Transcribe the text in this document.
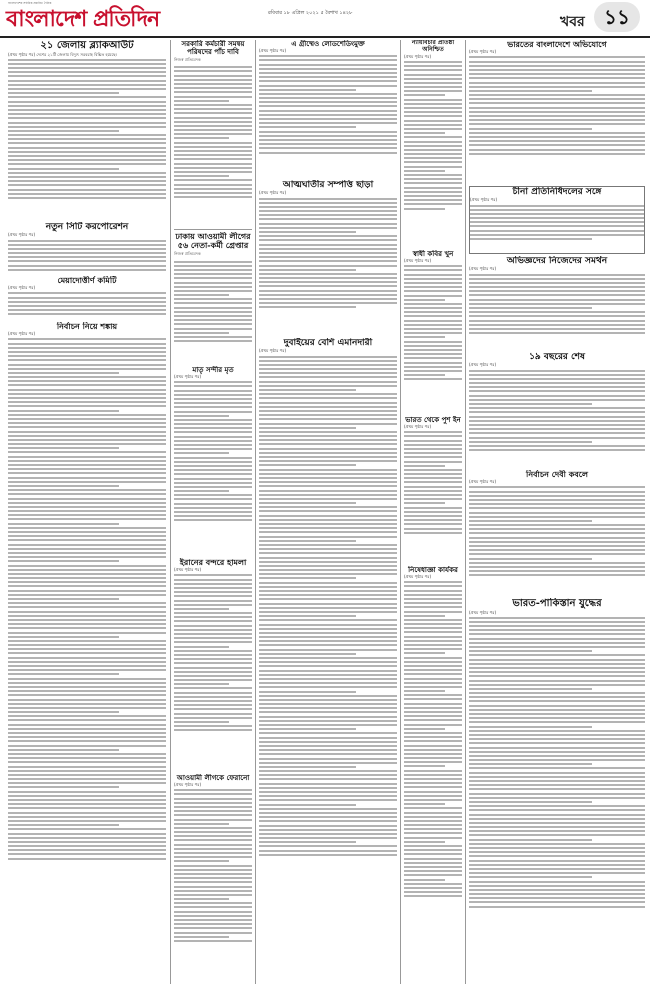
বাংলাদেশের সর্বাধিক প্রচারিত দৈনিক
বাংলাদেশ প্রতিদিন	রবিবার ১৮ এপ্রিল ২০২১ ৫ বৈশাখ ১৪২৮
খবর ১১
২১ জেলায় ব্ল্যাকআউট

(প্রথম পৃষ্ঠার পর) দেশের ২১টি জেলায় বিদ্যুৎ সরবরাহ বিঘ্নিত হয়েছে।

নতুন সিটি করপোরেশন

(প্রথম পৃষ্ঠার পর)

মেয়াদোত্তীর্ণ কমিটি

(প্রথম পৃষ্ঠার পর)

নির্বাচন নিয়ে শঙ্কায়

(প্রথম পৃষ্ঠার পর)

সরকারি কর্মচারী সমন্বয় পরিষদের পাঁচ দাবি
নিজস্ব প্রতিবেদক
ঢাকায় আওয়ামী লীগের ৫৬ নেতা-কর্মী গ্রেপ্তার
নিজস্ব প্রতিবেদক
মাতৃ সন্দীর মৃত

(প্রথম পৃষ্ঠার পর)

ইরানের বন্দরে হামলা

(প্রথম পৃষ্ঠার পর)

আওয়ামী লীগকে ফেরানো

(প্রথম পৃষ্ঠার পর)

এ গ্রীষ্মেও লোডশেডিংমুক্ত

(প্রথম পৃষ্ঠার পর)

আত্মঘাতীর সম্পত্তি ছাড়া

(প্রথম পৃষ্ঠার পর)

দুবাইয়ের বেশি এমানদারী

(প্রথম পৃষ্ঠার পর)

ন্যায়বিচার প্রতিষ্ঠা অনিশ্চিত

(প্রথম পৃষ্ঠার পর)

স্বাধী কবির খুন

(প্রথম পৃষ্ঠার পর)

ভারত থেকে পুশ ইন

(প্রথম পৃষ্ঠার পর)

নিষেধাজ্ঞা কার্যকর

(প্রথম পৃষ্ঠার পর)

ভারতের বাংলাদেশে অভিযোগে

(প্রথম পৃষ্ঠার পর)

চীনা প্রতিনিধিদলের সঙ্গে

(প্রথম পৃষ্ঠার পর)

অভিজ্ঞদের নিজেদের সমর্থন

(প্রথম পৃষ্ঠার পর)

১৯ বছরের শেষ

(প্রথম পৃষ্ঠার পর)

নির্বাচন দেবী কবলে

(প্রথম পৃষ্ঠার পর)

ভারত-পাকিস্তান যুদ্ধের

(প্রথম পৃষ্ঠার পর)
